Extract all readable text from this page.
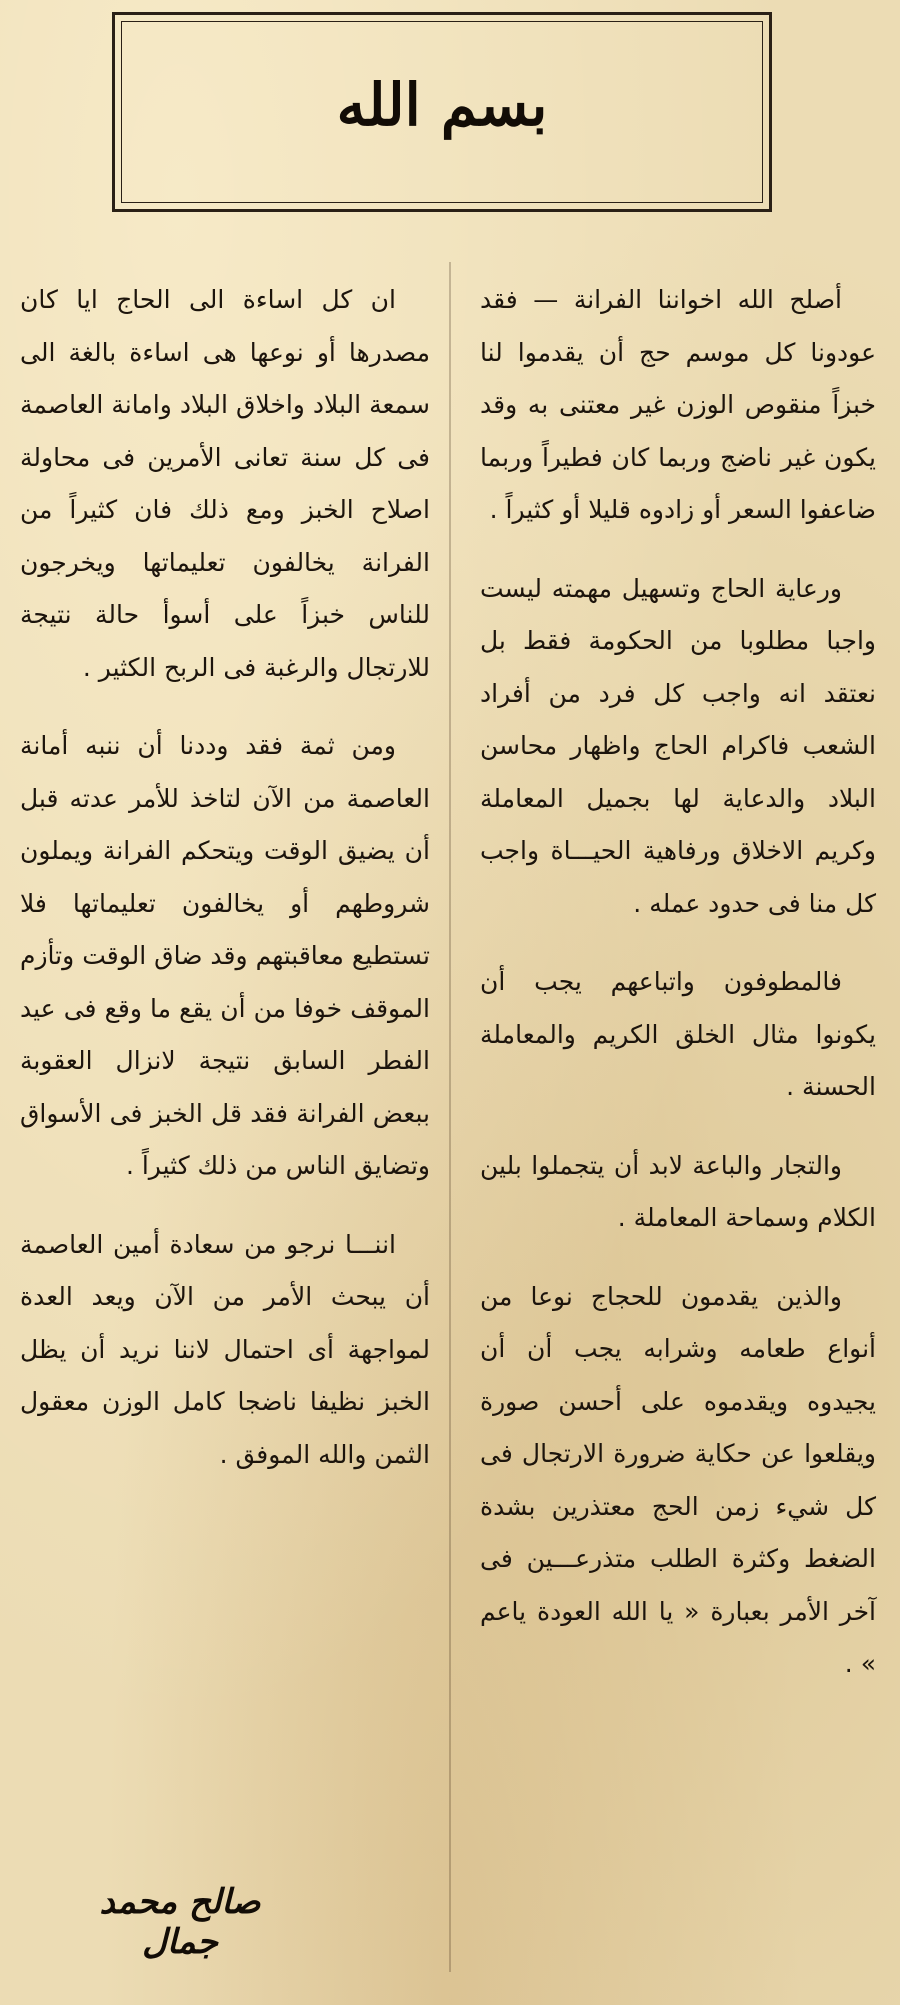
بسم الله

أصلح الله اخواننا الفرانة — فقد عودونا كل موسم حج أن يقدموا لنا خبزاً منقوص الوزن غير معتنى به وقد يكون غير ناضج وربما كان فطيراً وربما ضاعفوا السعر أو زادوه قليلا أو كثيراً .

ورعاية الحاج وتسهيل مهمته ليست واجبا مطلوبا من الحكومة فقط بل نعتقد انه واجب كل فرد من أفراد الشعب فاكرام الحاج واظهار محاسن البلاد والدعاية لها بجميل المعاملة وكريم الاخلاق ورفاهية الحيـــاة واجب كل منا فى حدود عمله .

فالمطوفون واتباعهم يجب أن يكونوا مثال الخلق الكريم والمعاملة الحسنة .

والتجار والباعة لابد أن يتجملوا بلين الكلام وسماحة المعاملة .

والذين يقدمون للحجاج نوعا من أنواع طعامه وشرابه يجب أن أن يجيدوه ويقدموه على أحسن صورة ويقلعوا عن حكاية ضرورة الارتجال فى كل شيء زمن الحج معتذرين بشدة الضغط وكثرة الطلب متذرعـــين فى آخر الأمر بعبارة « يا الله العودة ياعم » .

ان كل اساءة الى الحاج ايا كان مصدرها أو نوعها هى اساءة بالغة الى سمعة البلاد واخلاق البلاد وامانة العاصمة فى كل سنة تعانى الأمرين فى محاولة اصلاح الخبز ومع ذلك فان كثيراً من الفرانة يخالفون تعليماتها ويخرجون للناس خبزاً على أسوأ حالة نتيجة للارتجال والرغبة فى الربح الكثير .

ومن ثمة فقد وددنا أن ننبه أمانة العاصمة من الآن لتاخذ للأمر عدته قبل أن يضيق الوقت ويتحكم الفرانة ويملون شروطهم أو يخالفون تعليماتها فلا تستطيع معاقبتهم وقد ضاق الوقت وتأزم الموقف خوفا من أن يقع ما وقع فى عيد الفطر السابق نتيجة لانزال العقوبة ببعض الفرانة فقد قل الخبز فى الأسواق وتضايق الناس من ذلك كثيراً .

اننـــا نرجو من سعادة أمين العاصمة أن يبحث الأمر من الآن ويعد العدة لمواجهة أى احتمال لاننا نريد أن يظل الخبز نظيفا ناضجا كامل الوزن معقول الثمن والله الموفق .

صالح محمد جمال
